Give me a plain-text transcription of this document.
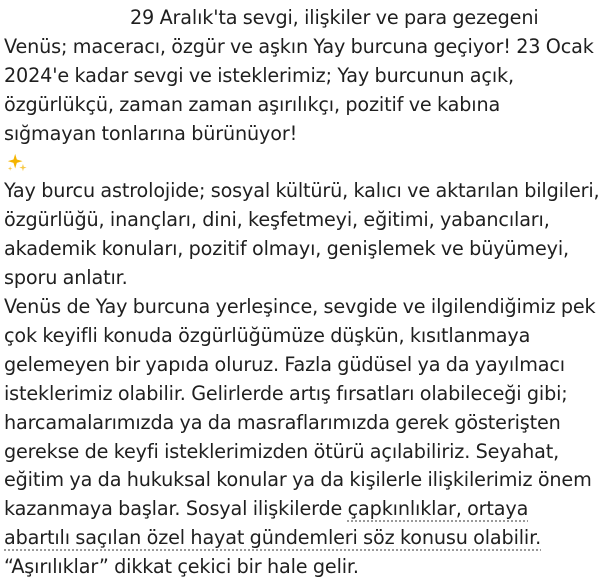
29 Aralık'ta sevgi, ilişkiler ve para gezegeni
Venüs; maceracı, özgür ve aşkın Yay burcuna geçiyor! 23 Ocak
2024'e kadar sevgi ve isteklerimiz; Yay burcunun açık,
özgürlükçü, zaman zaman aşırılıkçı, pozitif ve kabına
sığmayan tonlarına bürünüyor!
Yay burcu astrolojide; sosyal kültürü, kalıcı ve aktarılan bilgileri,
özgürlüğü, inançları, dini, keşfetmeyi, eğitimi, yabancıları,
akademik konuları, pozitif olmayı, genişlemek ve büyümeyi,
sporu anlatır.
Venüs de Yay burcuna yerleşince, sevgide ve ilgilendiğimiz pek
çok keyifli konuda özgürlüğümüze düşkün, kısıtlanmaya
gelemeyen bir yapıda oluruz. Fazla güdüsel ya da yayılmacı
isteklerimiz olabilir. Gelirlerde artış fırsatları olabileceği gibi;
harcamalarımızda ya da masraflarımızda gerek gösterişten
gerekse de keyfi isteklerimizden ötürü açılabiliriz. Seyahat,
eğitim ya da hukuksal konular ya da kişilerle ilişkilerimiz önem
kazanmaya başlar. Sosyal ilişkilerde çapkınlıklar, ortaya
abartılı saçılan özel hayat gündemleri söz konusu olabilir.
“Aşırılıklar” dikkat çekici bir hale gelir.
